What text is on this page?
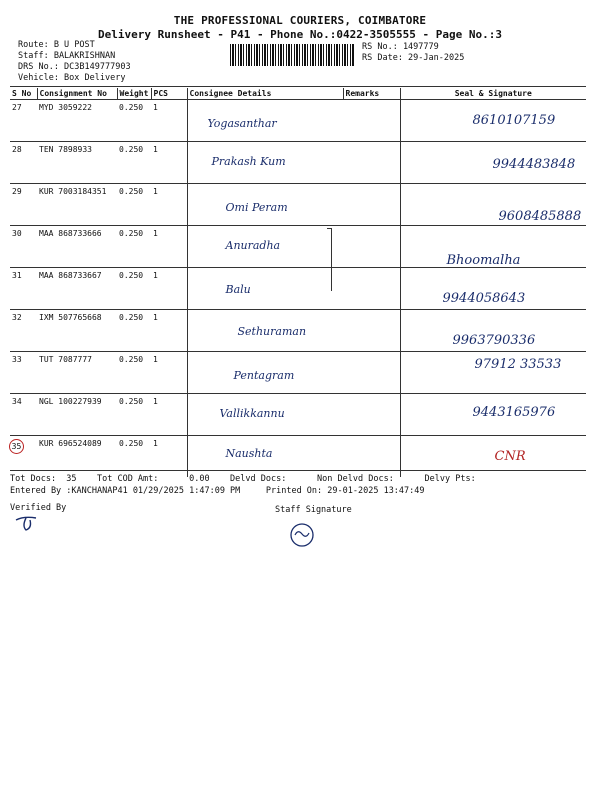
THE PROFESSIONAL COURIERS, COIMBATORE
Delivery Runsheet - P41 - Phone No.:0422-3505555 - Page No.:3
Route: B U POST
Staff: BALAKRISHNAN
DRS No.: DC3B149777903
Vehicle: Box Delivery
RS No.: 1497779
RS Date: 29-Jan-2025
S No	Consignment No	Weight	PCS	Consignee Details	Remarks	Seal & Signature
27	MYD 3059222	0.250	1	Yogasanthar		8610107159
28	TEN 7898933	0.250	1	Prakash Kum		9944483848
29	KUR 7003184351	0.250	1	Omi Peram		9608485888
30	MAA 868733666	0.250	1	Anuradha		Bhoomalha
31	MAA 868733667	0.250	1	Balu		9944058643
32	IXM 507765668	0.250	1	Sethuraman		9963790336
33	TUT 7087777	0.250	1	Pentagram		97912 33533
34	NGL 100227939	0.250	1	Vallikkannu		9443165976
35	KUR 696524089	0.250	1	Naushta		CNR
Tot Docs:  35    Tot COD Amt:      0.00    Delvd Docs:      Non Delvd Docs:      Delvy Pts:
Entered By :KANCHANAP41 01/29/2025 1:47:09 PM     Printed On: 29-01-2025 13:47:49
Verified By	Staff Signature
